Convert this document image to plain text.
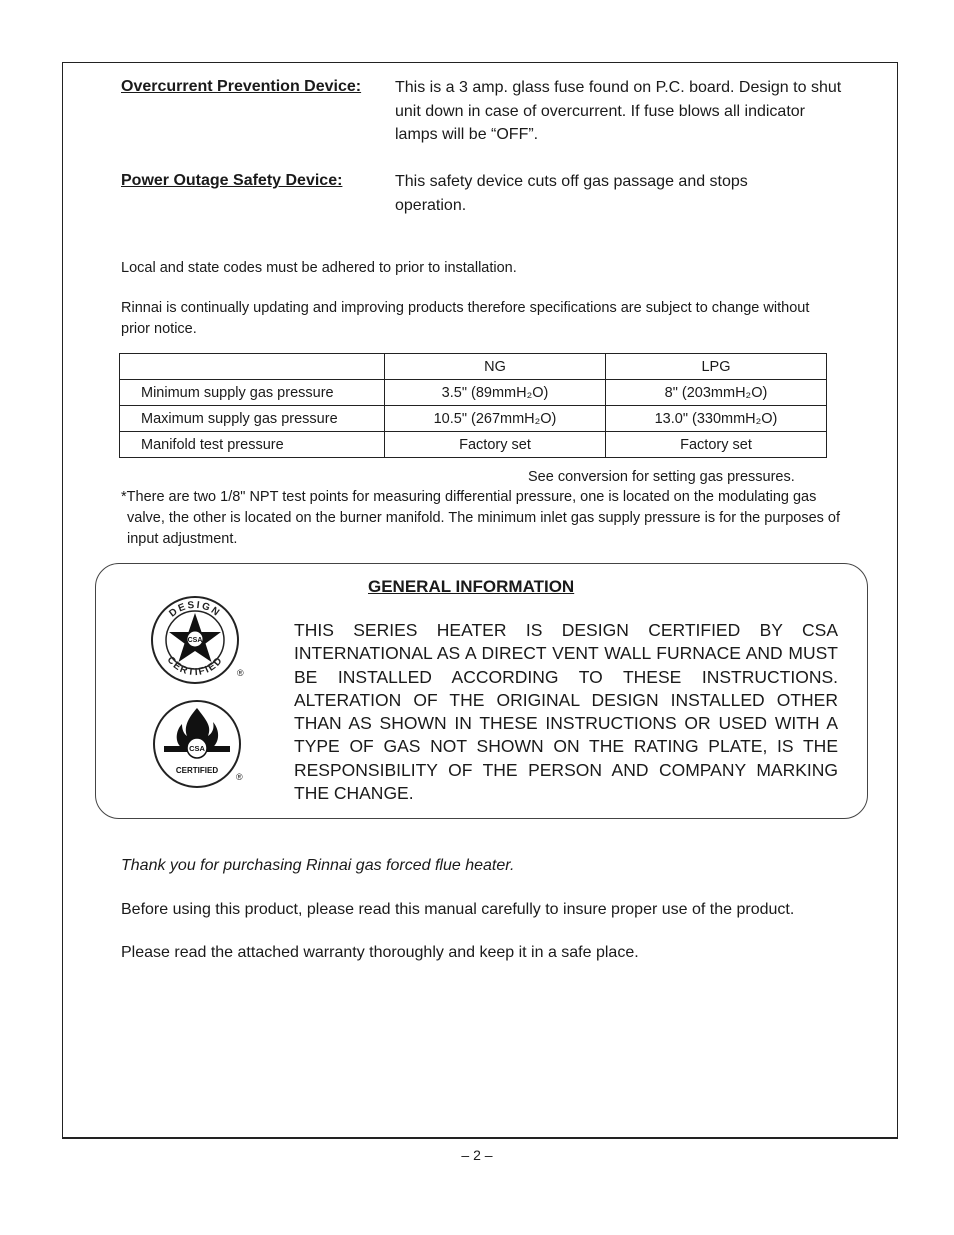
Overcurrent Prevention Device: This is a 3 amp. glass fuse found on P.C. board. Design to shut unit down in case of overcurrent. If fuse blows all indicator lamps will be “OFF”.
Power Outage Safety Device:	This safety device cuts off gas passage and stops operation.
Local and state codes must be adhered to prior to installation.
Rinnai is continually updating and improving products therefore specifications are subject to change without prior notice.
	NG	LPG
Minimum supply gas pressure	3.5" (89mmH₂O)	8" (203mmH₂O)
Maximum supply gas pressure	10.5" (267mmH₂O)	13.0" (330mmH₂O)
Manifold test pressure	Factory set	Factory set
See conversion for setting gas pressures.
*There are two 1/8" NPT test points for measuring differential pressure, one is located on the modulating gas valve, the other is located on the burner manifold. The minimum inlet gas supply pressure is for the purposes of input adjustment.
GENERAL INFORMATION
THIS SERIES HEATER IS DESIGN CERTIFIED BY CSA INTERNATIONAL AS A DIRECT VENT WALL FURNACE AND MUST BE INSTALLED ACCORDING TO THESE INSTRUCTIONS. ALTERATION OF THE ORIGINAL DESIGN INSTALLED OTHER THAN AS SHOWN IN THESE INSTRUCTIONS OR USED WITH A TYPE OF GAS NOT SHOWN ON THE RATING PLATE, IS THE RESPONSIBILITY OF THE PERSON AND COMPANY MARKING THE CHANGE.
DESIGN
CERTIFIED
CSA
®
CSA
CERTIFIED
®
Thank you for purchasing Rinnai gas forced flue heater.
Before using this product, please read this manual carefully to insure proper use of the product.
Please read the attached warranty thoroughly and keep it in a safe place.
– 2 –
